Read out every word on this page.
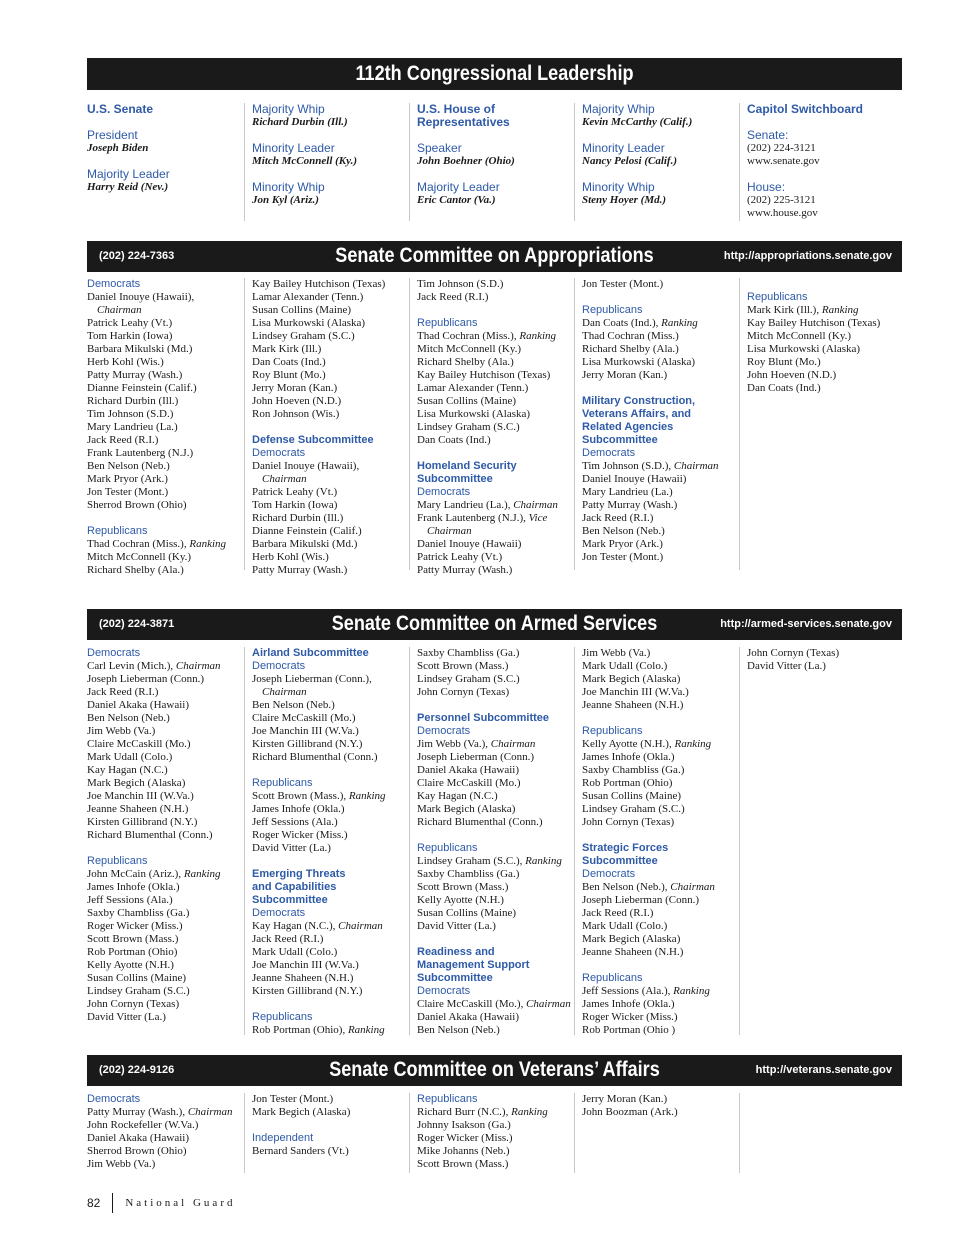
112th Congressional Leadership
U.S. Senate
President
Joseph Biden
Majority Leader
Harry Reid (Nev.)
Majority Whip
Richard Durbin (Ill.)
Minority Leader
Mitch McConnell (Ky.)
Minority Whip
Jon Kyl (Ariz.)
U.S. House of
Representatives
Speaker
John Boehner (Ohio)
Majority Leader
Eric Cantor (Va.)
Majority Whip
Kevin McCarthy (Calif.)
Minority Leader
Nancy Pelosi (Calif.)
Minority Whip
Steny Hoyer (Md.)
Capitol Switchboard
Senate:
(202) 224-3121
www.senate.gov
House:
(202) 225-3121
www.house.gov
(202) 224-7363	Senate Committee on Appropriations	http://appropriations.senate.gov
Democrats
Daniel Inouye (Hawaii),
Chairman
Patrick Leahy (Vt.)
Tom Harkin (Iowa)
Barbara Mikulski (Md.)
Herb Kohl (Wis.)
Patty Murray (Wash.)
Dianne Feinstein (Calif.)
Richard Durbin (Ill.)
Tim Johnson (S.D.)
Mary Landrieu (La.)
Jack Reed (R.I.)
Frank Lautenberg (N.J.)
Ben Nelson (Neb.)
Mark Pryor (Ark.)
Jon Tester (Mont.)
Sherrod Brown (Ohio)
Republicans
Thad Cochran (Miss.), Ranking
Mitch McConnell (Ky.)
Richard Shelby (Ala.)
Kay Bailey Hutchison (Texas)
Lamar Alexander (Tenn.)
Susan Collins (Maine)
Lisa Murkowski (Alaska)
Lindsey Graham (S.C.)
Mark Kirk (Ill.)
Dan Coats (Ind.)
Roy Blunt (Mo.)
Jerry Moran (Kan.)
John Hoeven (N.D.)
Ron Johnson (Wis.)
Defense Subcommittee
Democrats
Daniel Inouye (Hawaii),
Chairman
Patrick Leahy (Vt.)
Tom Harkin (Iowa)
Richard Durbin (Ill.)
Dianne Feinstein (Calif.)
Barbara Mikulski (Md.)
Herb Kohl (Wis.)
Patty Murray (Wash.)
Tim Johnson (S.D.)
Jack Reed (R.I.)
Republicans
Thad Cochran (Miss.), Ranking
Mitch McConnell (Ky.)
Richard Shelby (Ala.)
Kay Bailey Hutchison (Texas)
Lamar Alexander (Tenn.)
Susan Collins (Maine)
Lisa Murkowski (Alaska)
Lindsey Graham (S.C.)
Dan Coats (Ind.)
Homeland Security
Subcommittee
Democrats
Mary Landrieu (La.), Chairman
Frank Lautenberg (N.J.), Vice
Chairman
Daniel Inouye (Hawaii)
Patrick Leahy (Vt.)
Patty Murray (Wash.)
Jon Tester (Mont.)
Republicans
Dan Coats (Ind.), Ranking
Thad Cochran (Miss.)
Richard Shelby (Ala.)
Lisa Murkowski (Alaska)
Jerry Moran (Kan.)
Military Construction,
Veterans Affairs, and
Related Agencies
Subcommittee
Democrats
Tim Johnson (S.D.), Chairman
Daniel Inouye (Hawaii)
Mary Landrieu (La.)
Patty Murray (Wash.)
Jack Reed (R.I.)
Ben Nelson (Neb.)
Mark Pryor (Ark.)
Jon Tester (Mont.)
Republicans
Mark Kirk (Ill.), Ranking
Kay Bailey Hutchison (Texas)
Mitch McConnell (Ky.)
Lisa Murkowski (Alaska)
Roy Blunt (Mo.)
John Hoeven (N.D.)
Dan Coats (Ind.)
(202) 224-3871	Senate Committee on Armed Services	http://armed-services.senate.gov
Democrats
Carl Levin (Mich.), Chairman
Joseph Lieberman (Conn.)
Jack Reed (R.I.)
Daniel Akaka (Hawaii)
Ben Nelson (Neb.)
Jim Webb (Va.)
Claire McCaskill (Mo.)
Mark Udall (Colo.)
Kay Hagan (N.C.)
Mark Begich (Alaska)
Joe Manchin III (W.Va.)
Jeanne Shaheen (N.H.)
Kirsten Gillibrand (N.Y.)
Richard Blumenthal (Conn.)
Republicans
John McCain (Ariz.), Ranking
James Inhofe (Okla.)
Jeff Sessions (Ala.)
Saxby Chambliss (Ga.)
Roger Wicker (Miss.)
Scott Brown (Mass.)
Rob Portman (Ohio)
Kelly Ayotte (N.H.)
Susan Collins (Maine)
Lindsey Graham (S.C.)
John Cornyn (Texas)
David Vitter (La.)
Airland Subcommittee
Democrats
Joseph Lieberman (Conn.),
Chairman
Ben Nelson (Neb.)
Claire McCaskill (Mo.)
Joe Manchin III (W.Va.)
Kirsten Gillibrand (N.Y.)
Richard Blumenthal (Conn.)
Republicans
Scott Brown (Mass.), Ranking
James Inhofe (Okla.)
Jeff Sessions (Ala.)
Roger Wicker (Miss.)
David Vitter (La.)
Emerging Threats
and Capabilities
Subcommittee
Democrats
Kay Hagan (N.C.), Chairman
Jack Reed (R.I.)
Mark Udall (Colo.)
Joe Manchin III (W.Va.)
Jeanne Shaheen (N.H.)
Kirsten Gillibrand (N.Y.)
Republicans
Rob Portman (Ohio), Ranking
Saxby Chambliss (Ga.)
Scott Brown (Mass.)
Lindsey Graham (S.C.)
John Cornyn (Texas)
Personnel Subcommittee
Democrats
Jim Webb (Va.), Chairman
Joseph Lieberman (Conn.)
Daniel Akaka (Hawaii)
Claire McCaskill (Mo.)
Kay Hagan (N.C.)
Mark Begich (Alaska)
Richard Blumenthal (Conn.)
Republicans
Lindsey Graham (S.C.), Ranking
Saxby Chambliss (Ga.)
Scott Brown (Mass.)
Kelly Ayotte (N.H.)
Susan Collins (Maine)
David Vitter (La.)
Readiness and
Management Support
Subcommittee
Democrats
Claire McCaskill (Mo.), Chairman
Daniel Akaka (Hawaii)
Ben Nelson (Neb.)
Jim Webb (Va.)
Mark Udall (Colo.)
Mark Begich (Alaska)
Joe Manchin III (W.Va.)
Jeanne Shaheen (N.H.)
Republicans
Kelly Ayotte (N.H.), Ranking
James Inhofe (Okla.)
Saxby Chambliss (Ga.)
Rob Portman (Ohio)
Susan Collins (Maine)
Lindsey Graham (S.C.)
John Cornyn (Texas)
Strategic Forces
Subcommittee
Democrats
Ben Nelson (Neb.), Chairman
Joseph Lieberman (Conn.)
Jack Reed (R.I.)
Mark Udall (Colo.)
Mark Begich (Alaska)
Jeanne Shaheen (N.H.)
Republicans
Jeff Sessions (Ala.), Ranking
James Inhofe (Okla.)
Roger Wicker (Miss.)
Rob Portman (Ohio )
John Cornyn (Texas)
David Vitter (La.)
(202) 224-9126	Senate Committee on Veterans’ Affairs	http://veterans.senate.gov
Democrats
Patty Murray (Wash.), Chairman
John Rockefeller (W.Va.)
Daniel Akaka (Hawaii)
Sherrod Brown (Ohio)
Jim Webb (Va.)
Jon Tester (Mont.)
Mark Begich (Alaska)
Independent
Bernard Sanders (Vt.)
Republicans
Richard Burr (N.C.), Ranking
Johnny Isakson (Ga.)
Roger Wicker (Miss.)
Mike Johanns (Neb.)
Scott Brown (Mass.)
Jerry Moran (Kan.)
John Boozman (Ark.)
82 National Guard
